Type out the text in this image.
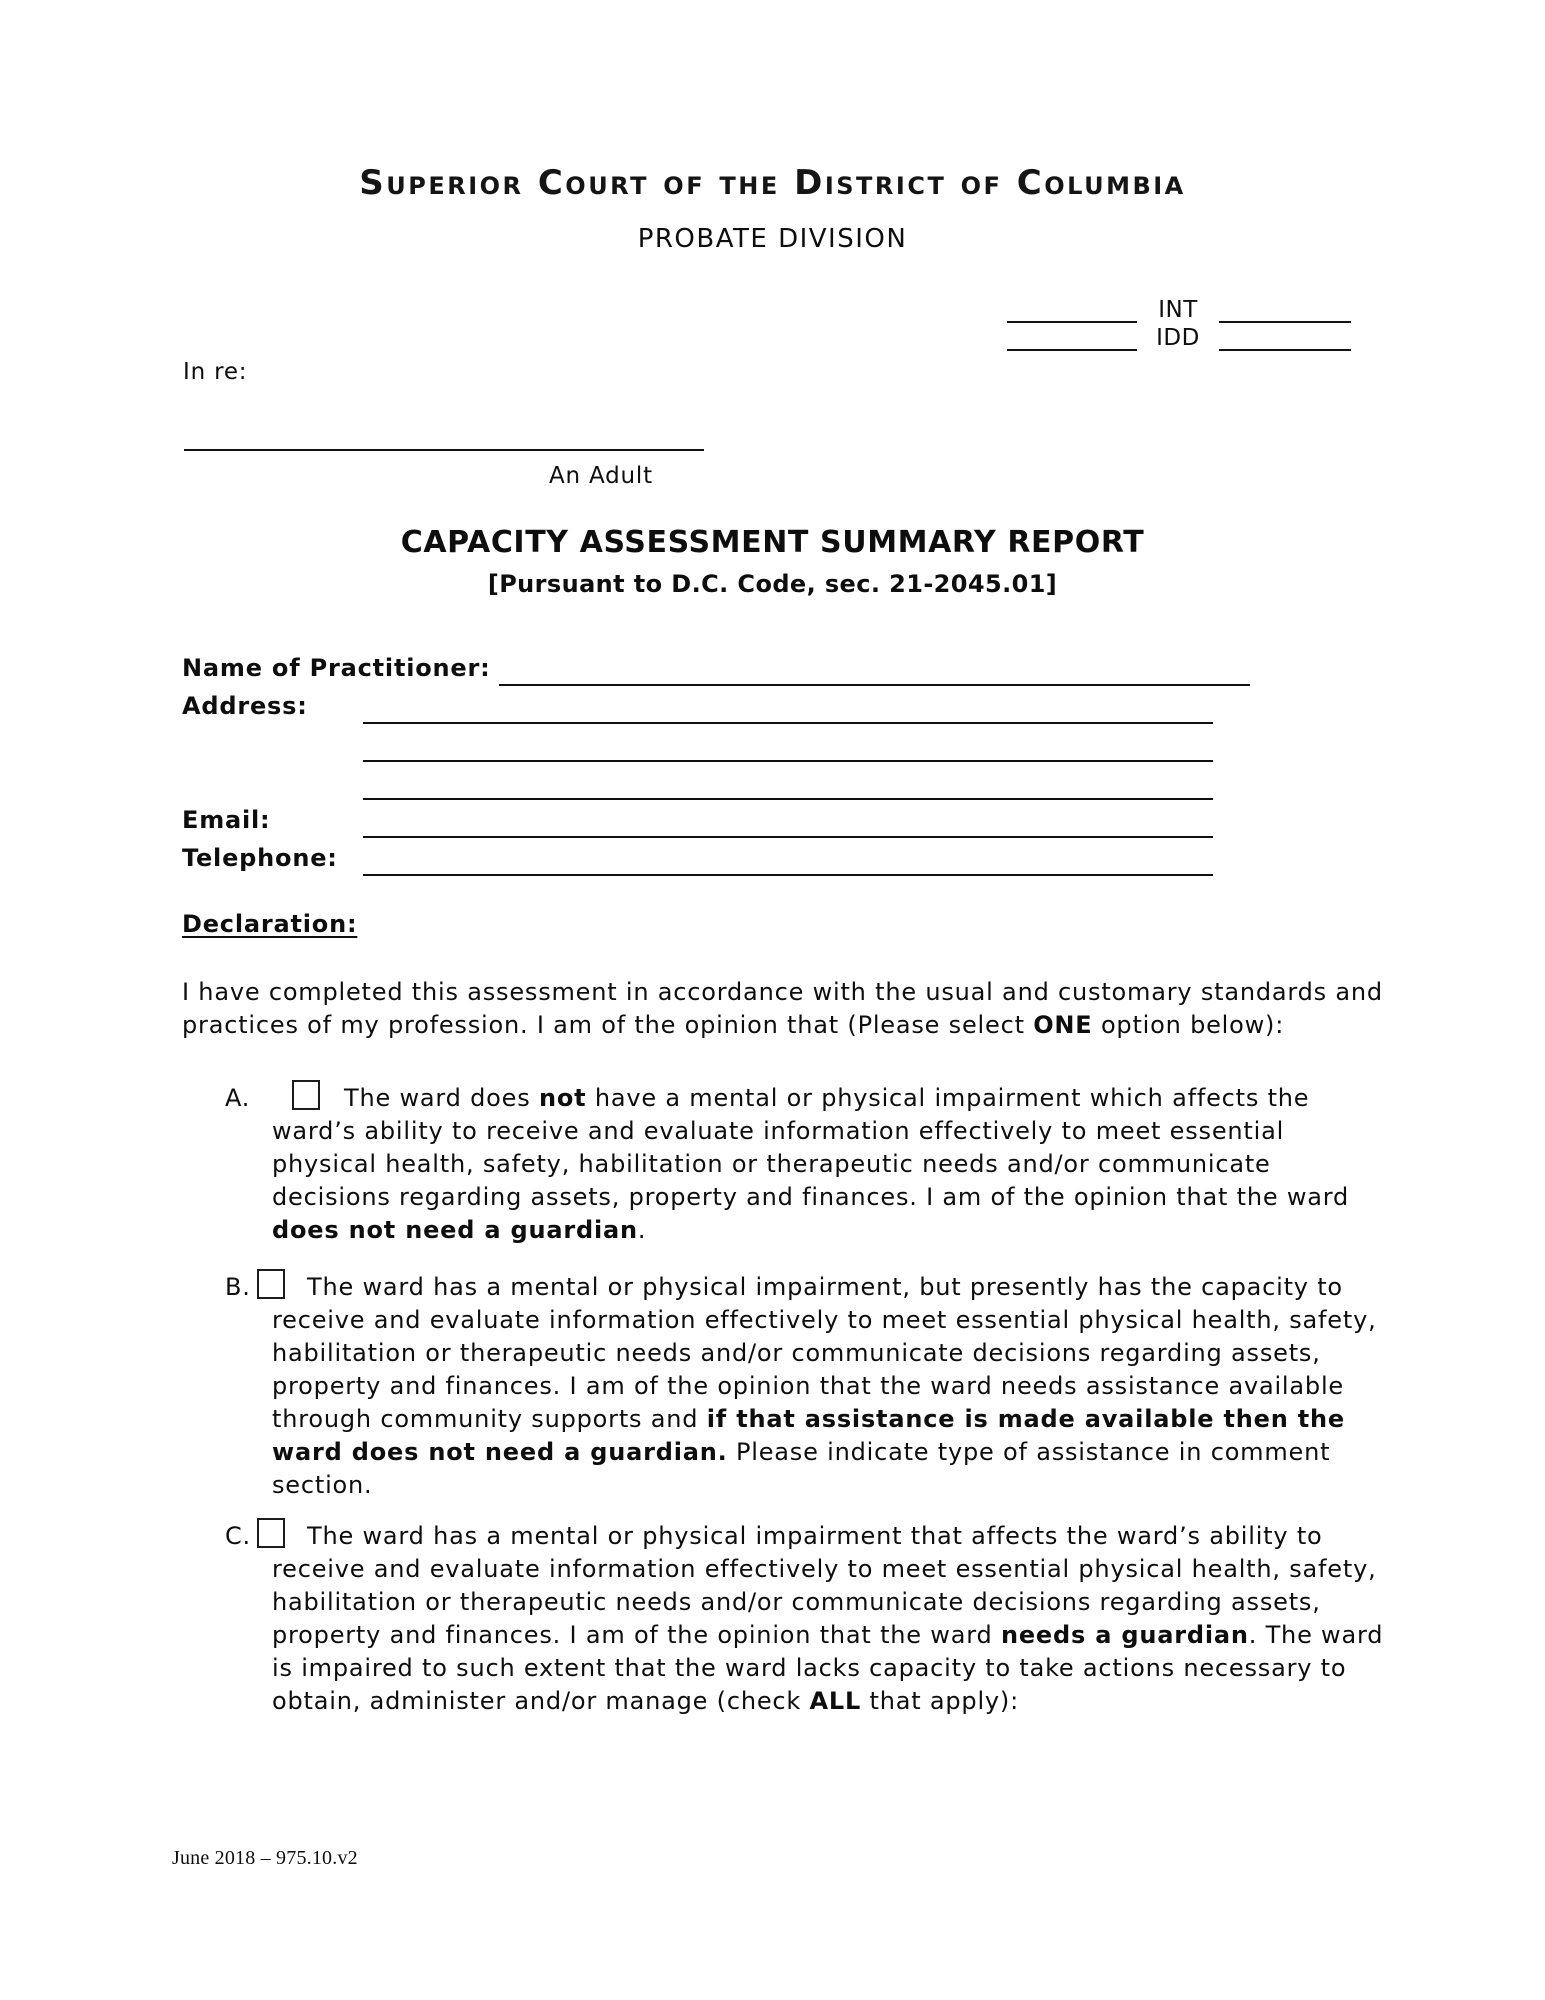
Superior Court of the District of Columbia
PROBATE DIVISION
INT
IDD
In re:
An Adult
CAPACITY ASSESSMENT SUMMARY REPORT
[Pursuant to D.C. Code, sec. 21-2045.01]
Name of Practitioner:
Address:
Email:
Telephone:
Declaration:

I have completed this assessment in accordance with the usual and customary standards and practices of my profession. I am of the opinion that (Please select ONE option below):

A.	The ward does not have a mental or physical impairment which affects the ward’s ability to receive and evaluate information effectively to meet essential physical health, safety, habilitation or therapeutic needs and/or communicate decisions regarding assets, property and finances. I am of the opinion that the ward does not need a guardian.
B. The ward has a mental or physical impairment, but presently has the capacity to receive and evaluate information effectively to meet essential physical health, safety, habilitation or therapeutic needs and/or communicate decisions regarding assets, property and finances. I am of the opinion that the ward needs assistance available through community supports and if that assistance is made available then the ward does not need a guardian. Please indicate type of assistance in comment section.
C. The ward has a mental or physical impairment that affects the ward’s ability to receive and evaluate information effectively to meet essential physical health, safety, habilitation or therapeutic needs and/or communicate decisions regarding assets, property and finances. I am of the opinion that the ward needs a guardian. The ward is impaired to such extent that the ward lacks capacity to take actions necessary to obtain, administer and/or manage (check ALL that apply):
June 2018 – 975.10.v2
